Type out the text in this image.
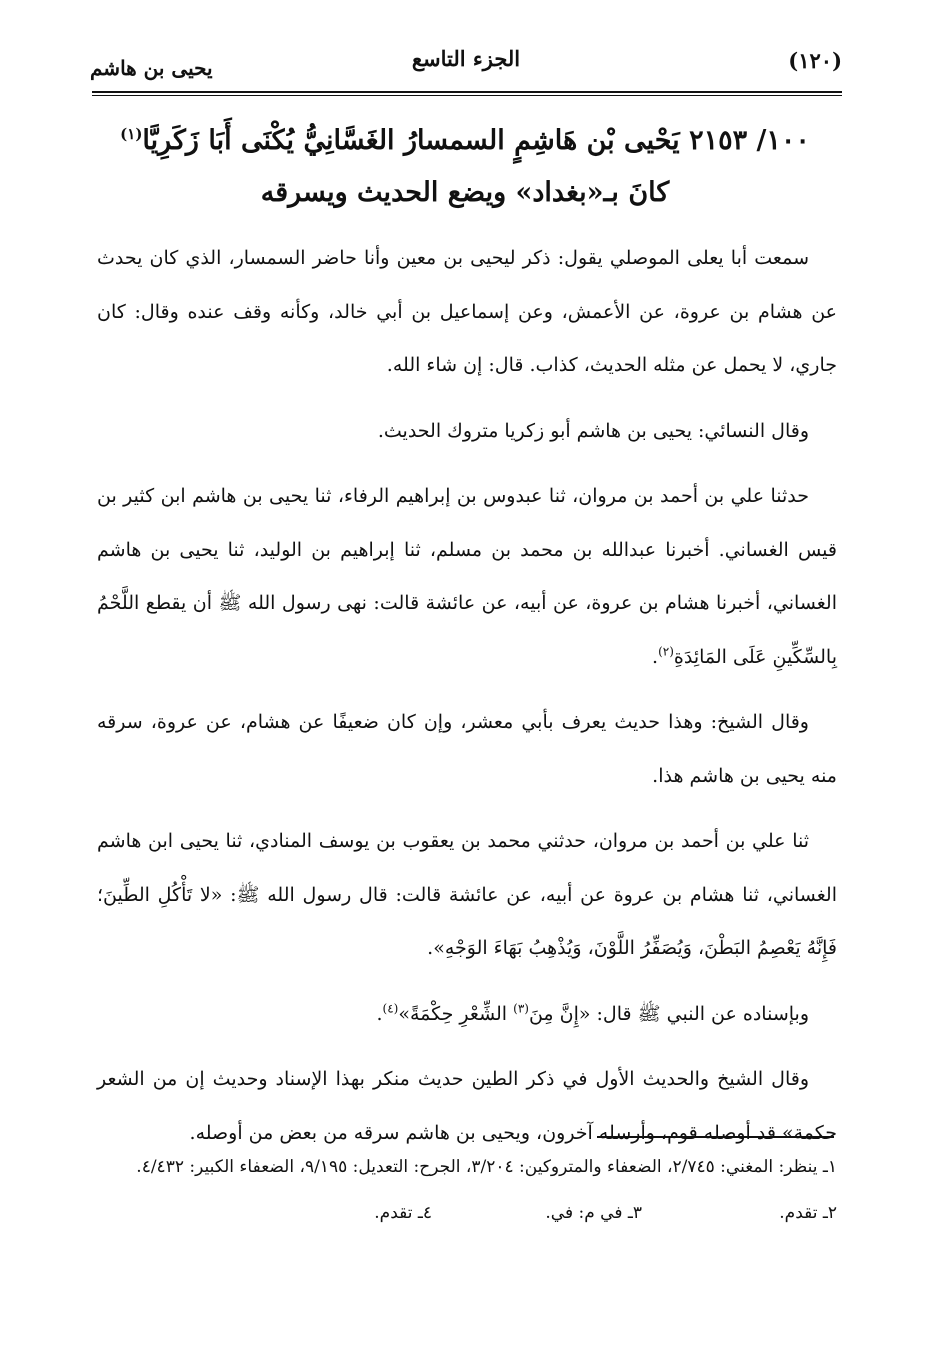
(١٢٠)
الجزء التاسع
يحيى بن هاشم
١٠٠/ ٢١٥٣ يَحْيى بْن هَاشِمٍ السمسارُ الغَسَّانِيُّ يُكْنَى أَبَا زَكَرِيَّا$^{(١)}$
كانَ بـ«بغداد» ويضع الحديث ويسرقه

سمعت أبا يعلى الموصلي يقول: ذكر ليحيى بن معين وأنا حاضر السمسار، الذي كان يحدث عن هشام بن عروة، عن الأعمش، وعن إسماعيل بن أبي خالد، وكأنه وقف عنده وقال: كان جاري، لا يحمل عن مثله الحديث، كذاب. قال: إن شاء الله.

وقال النسائي: يحيى بن هاشم أبو زكريا متروك الحديث.

حدثنا علي بن أحمد بن مروان، ثنا عبدوس بن إبراهيم الرفاء، ثنا يحيى بن هاشم ابن كثير بن قيس الغساني. أخبرنا عبدالله بن محمد بن مسلم، ثنا إبراهيم بن الوليد، ثنا يحيى بن هاشم الغساني، أخبرنا هشام بن عروة، عن أبيه، عن عائشة قالت: نهى رسول الله ﷺ أن يقطع اللَّحْمُ بِالسِّكِّينِ عَلَى المَائِدَةِ$^{(٢)}$.

وقال الشيخ: وهذا حديث يعرف بأبي معشر، وإن كان ضعيفًا عن هشام، عن عروة، سرقه منه يحيى بن هاشم هذا.

ثنا علي بن أحمد بن مروان، حدثني محمد بن يعقوب بن يوسف المنادي، ثنا يحيى ابن هاشم الغساني، ثنا هشام بن عروة عن أبيه، عن عائشة قالت: قال رسول الله ﷺ: «لا تَأْكُلِ الطِّينَ؛ فَإِنَّهُ يَعْصِمُ البَطْنَ، وَيُصَفِّرُ اللَّوْنَ، وَيُذْهِبُ بَهَاءَ الوَجْهِ».

وبإسناده عن النبي ﷺ قال: «إِنَّ مِنَ$^{(٣)}$ الشِّعْرِ حِكْمَةً»$^{(٤)}$.

وقال الشيخ والحديث الأول في ذكر الطين حديث منكر بهذا الإسناد وحديث إن من الشعر حكمة» قد أوصله قوم، وأرسله آخرون، ويحيى بن هاشم سرقه من بعض من أوصله.

١ـ ينظر: المغني: ٢/٧٤٥، الضعفاء والمتروكين: ٣/٢٠٤، الجرح: التعديل: ٩/١٩٥، الضعفاء الكبير: ٤/٤٣٢.

٢ـ تقدم.
٣ـ في م: في.
٤ـ تقدم.
